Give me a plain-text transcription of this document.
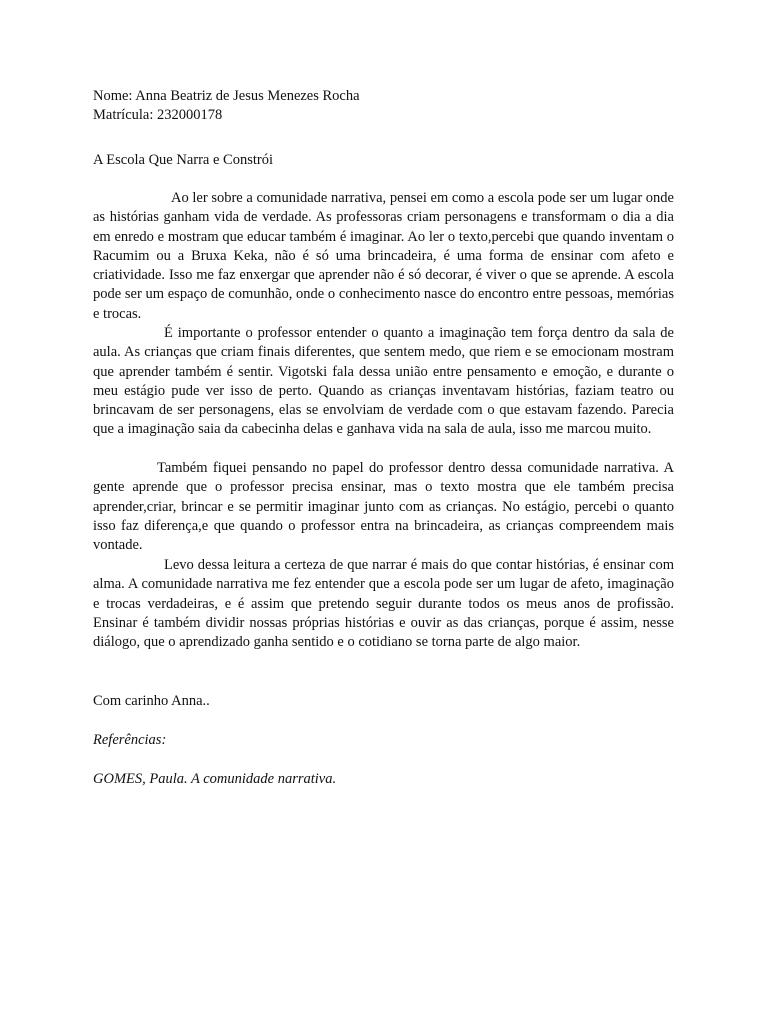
Nome: Anna Beatriz de Jesus Menezes Rocha
Matrícula: 232000178
A Escola Que Narra e Constrói

Ao ler sobre a comunidade narrativa, pensei em como a escola pode ser um lugar onde as histórias ganham vida de verdade. As professoras criam personagens e transformam o dia a dia em enredo e mostram que educar também é imaginar. Ao ler o texto,percebi que quando inventam o Racumim ou a Bruxa Keka, não é só uma brincadeira, é uma forma de ensinar com afeto e criatividade. Isso me faz enxergar que aprender não é só decorar, é viver o que se aprende. A escola pode ser um espaço de comunhão, onde o conhecimento nasce do encontro entre pessoas, memórias e trocas.

É importante o professor entender o quanto a imaginação tem força dentro da sala de aula. As crianças que criam finais diferentes, que sentem medo, que riem e se emocionam mostram que aprender também é sentir. Vigotski fala dessa união entre pensamento e emoção, e durante o meu estágio pude ver isso de perto. Quando as crianças inventavam histórias, faziam teatro ou brincavam de ser personagens, elas se envolviam de verdade com o que estavam fazendo. Parecia que a imaginação saia da cabecinha delas e ganhava vida na sala de aula, isso me marcou muito.

Também fiquei pensando no papel do professor dentro dessa comunidade narrativa. A gente aprende que o professor precisa ensinar, mas o texto mostra que ele também precisa aprender,criar, brincar e se permitir imaginar junto com as crianças. No estágio, percebi o quanto isso faz diferença,e que quando o professor entra na brincadeira, as crianças compreendem mais vontade.

Levo dessa leitura a certeza de que narrar é mais do que contar histórias, é ensinar com alma. A comunidade narrativa me fez entender que a escola pode ser um lugar de afeto, imaginação e trocas verdadeiras, e é assim que pretendo seguir durante todos os meus anos de profissão. Ensinar é também dividir nossas próprias histórias e ouvir as das crianças, porque é assim, nesse diálogo, que o aprendizado ganha sentido e o cotidiano se torna parte de algo maior.

Com carinho Anna..
Referências:
GOMES, Paula. A comunidade narrativa.
